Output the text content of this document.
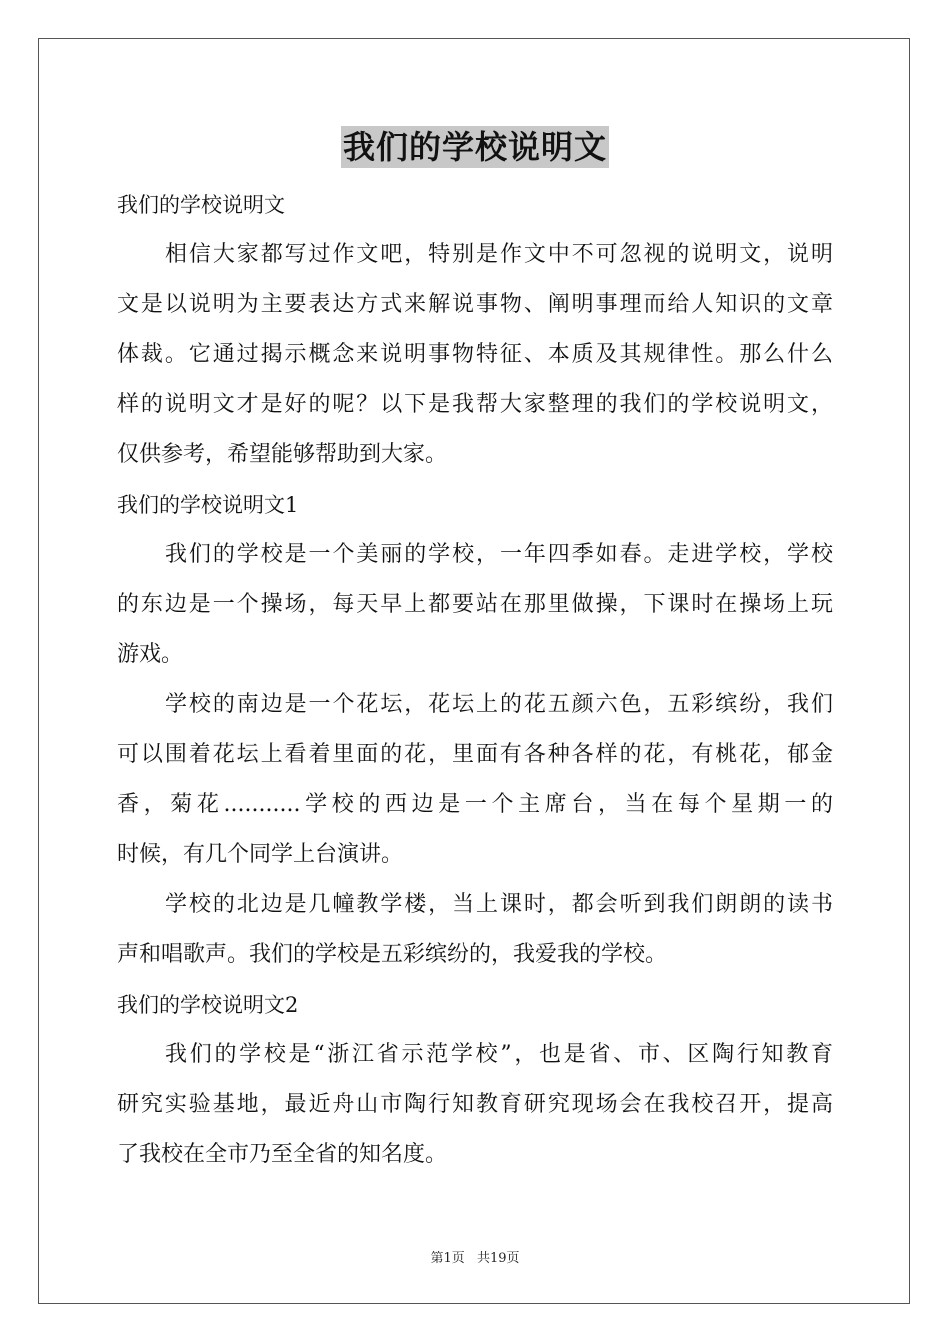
我们的学校说明文
我们的学校说明文
相信大家都写过作文吧，特别是作文中不可忽视的说明文，说明
文是以说明为主要表达方式来解说事物、阐明事理而给人知识的文章
体裁。它通过揭示概念来说明事物特征、本质及其规律性。那么什么
样的说明文才是好的呢？以下是我帮大家整理的我们的学校说明文，
仅供参考，希望能够帮助到大家。
我们的学校说明文1
我们的学校是一个美丽的学校，一年四季如春。走进学校，学校
的东边是一个操场，每天早上都要站在那里做操，下课时在操场上玩
游戏。
学校的南边是一个花坛，花坛上的花五颜六色，五彩缤纷，我们
可以围着花坛上看着里面的花，里面有各种各样的花，有桃花，郁金
香，菊花...........学校的西边是一个主席台，当在每个星期一的
时候，有几个同学上台演讲。
学校的北边是几幢教学楼，当上课时，都会听到我们朗朗的读书
声和唱歌声。我们的学校是五彩缤纷的，我爱我的学校。
我们的学校说明文2
我们的学校是“浙江省示范学校”，也是省、市、区陶行知教育
研究实验基地，最近舟山市陶行知教育研究现场会在我校召开，提高
了我校在全市乃至全省的知名度。
第1页 共19页
